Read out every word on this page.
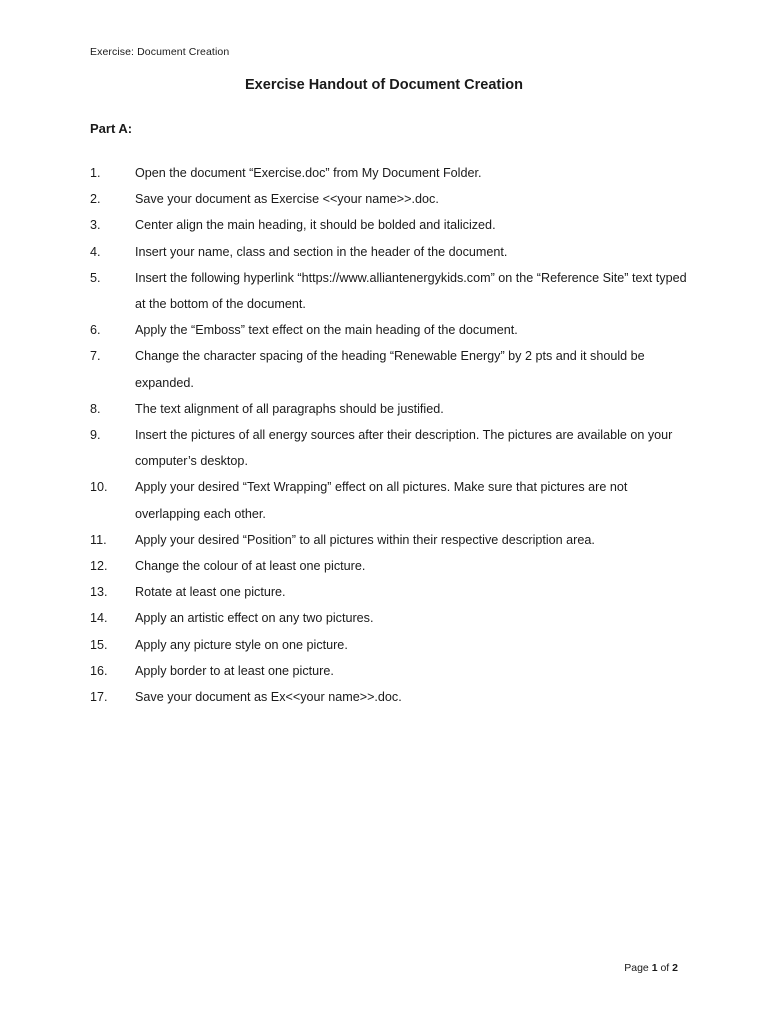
Exercise: Document Creation
Exercise Handout of Document Creation
Part A:
1.	Open the document “Exercise.doc” from My Document Folder.
2.	Save your document as Exercise <<your name>>.doc.
3.	Center align the main heading, it should be bolded and italicized.
4.	Insert your name, class and section in the header of the document.
5.	Insert the following hyperlink “https://www.alliantenergykids.com” on the “Reference Site” text typed at the bottom of the document.
6.	Apply the “Emboss” text effect on the main heading of the document.
7.	Change the character spacing of the heading “Renewable Energy” by 2 pts and it should be expanded.
8.	The text alignment of all paragraphs should be justified.
9.	Insert the pictures of all energy sources after their description. The pictures are available on your computer’s desktop.
10.	Apply your desired “Text Wrapping” effect on all pictures. Make sure that pictures are not overlapping each other.
11.	Apply your desired “Position” to all pictures within their respective description area.
12.	Change the colour of at least one picture.
13.	Rotate at least one picture.
14.	Apply an artistic effect on any two pictures.
15.	Apply any picture style on one picture.
16.	Apply border to at least one picture.
17.	Save your document as Ex<<your name>>.doc.
Page 1 of 2
